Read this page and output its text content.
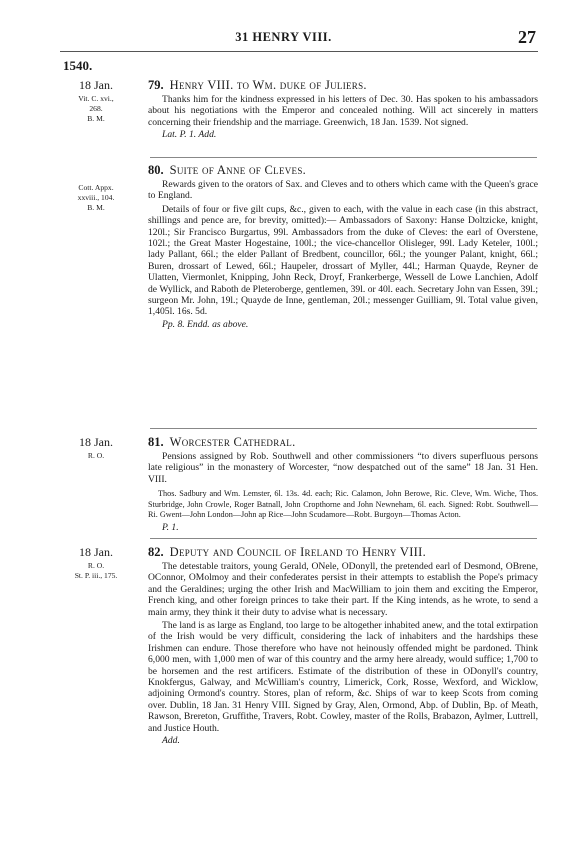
31 HENRY VIII.	27
1540.
18 Jan.
Vit. C. xvi.,
268.
B. M.
79. Henry VIII. to Wm. duke of Juliers.

Thanks him for the kindness expressed in his letters of Dec. 30. Has spoken to his ambassadors about his negotiations with the Emperor and concealed nothing. Will act sincerely in matters concerning their friendship and the marriage. Greenwich, 18 Jan. 1539. Not signed.

Lat. P. 1. Add.
Cott. Appx.
xxviii., 104.
B. M.
80. Suite of Anne of Cleves.

Rewards given to the orators of Sax. and Cleves and to others which came with the Queen's grace to England.

Details of four or five gilt cups, &c., given to each, with the value in each case (in this abstract, shillings and pence are, for brevity, omitted):— Ambassadors of Saxony: Hanse Doltzicke, knight, 120l.; Sir Francisco Burgartus, 99l. Ambassadors from the duke of Cleves: the earl of Overstene, 102l.; the Great Master Hogestaine, 100l.; the vice-chancellor Olisleger, 99l. Lady Keteler, 100l.; lady Pallant, 66l.; the elder Pallant of Bredbent, councillor, 66l.; the younger Palant, knight, 66l.; Buren, drossart of Lewed, 66l.; Haupeler, drossart of Myller, 44l.; Harman Quayde, Reyner de Ulatten, Viermonlet, Knipping, John Reck, Droyf, Frankerberge, Wessell de Lowe Lanchien, Adolf de Wyllick, and Raboth de Pleteroberge, gentlemen, 39l. or 40l. each. Secretary John van Essen, 39l.; surgeon Mr. John, 19l.; Quayde de Inne, gentleman, 20l.; messenger Guilliam, 9l. Total value given, 1,405l. 16s. 5d.

Pp. 8. Endd. as above.
18 Jan.
R. O.
81. Worcester Cathedral.

Pensions assigned by Rob. Southwell and other commissioners “to divers superfluous persons late religious” in the monastery of Worcester, “now despatched out of the same” 18 Jan. 31 Hen. VIII.

Thos. Sadbury and Wm. Lemster, 6l. 13s. 4d. each; Ric. Calamon, John Berowe, Ric. Cleve, Wm. Wiche, Thos. Sturbridge, John Crowle, Roger Batnall, John Cropthorne and John Newneham, 6l. each. Signed: Robt. Southwell—Ri. Gwent—John London—John ap Rice—John Scudamore—Robt. Burgoyn—Thomas Acton.

P. 1.
18 Jan.
R. O.
St. P. iii., 175.
82. Deputy and Council of Ireland to Henry VIII.

The detestable traitors, young Gerald, ONele, ODonyll, the pretended earl of Desmond, OBrene, OConnor, OMolmoy and their confederates persist in their attempts to establish the Pope's primacy and the Geraldines; urging the other Irish and MacWilliam to join them and exciting the Emperor, French king, and other foreign princes to take their part. If the King intends, as he wrote, to send a main army, they think it their duty to advise what is necessary.

The land is as large as England, too large to be altogether inhabited anew, and the total extirpation of the Irish would be very difficult, considering the lack of inhabiters and the hardships these Irishmen can endure. Those therefore who have not heinously offended might be pardoned. Think 6,000 men, with 1,000 men of war of this country and the army here already, would suffice; 1,700 to be horsemen and the rest artificers. Estimate of the distribution of these in ODonyll's country, Knokfergus, Galway, and McWilliam's country, Limerick, Cork, Rosse, Wexford, and Wicklow, adjoining Ormond's country. Stores, plan of reform, &c. Ships of war to keep Scots from coming over. Dublin, 18 Jan. 31 Henry VIII. Signed by Gray, Alen, Ormond, Abp. of Dublin, Bp. of Meath, Rawson, Brereton, Gruffithe, Travers, Robt. Cowley, master of the Rolls, Brabazon, Aylmer, Luttrell, and Justice Houth.

Add.
